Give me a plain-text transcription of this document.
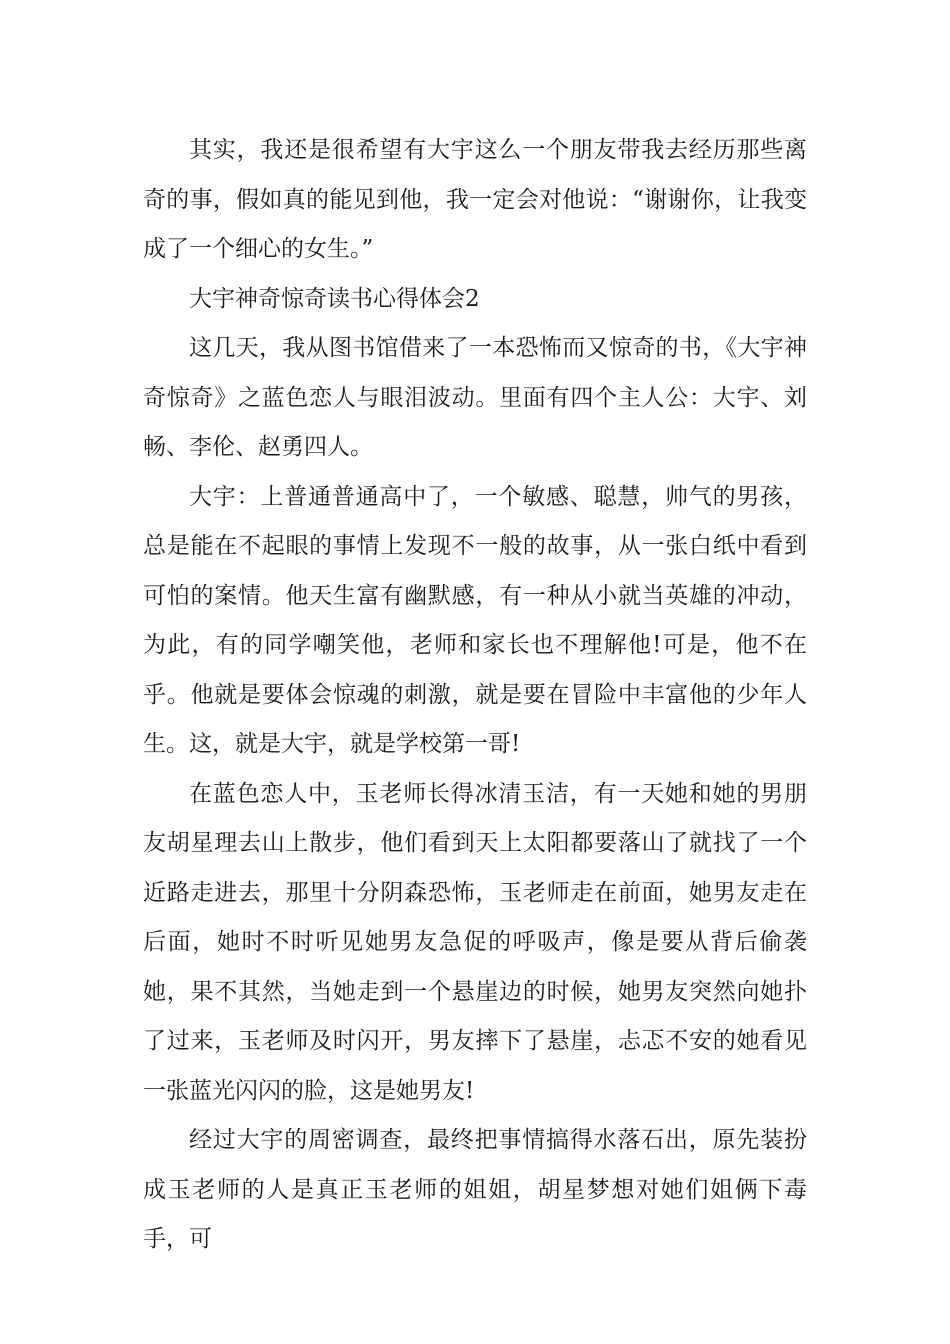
其实，我还是很希望有大宇这么一个朋友带我去经历那些离奇的事，假如真的能见到他，我一定会对他说：“谢谢你，让我变成了一个细心的女生。”

大宇神奇惊奇读书心得体会2

这几天，我从图书馆借来了一本恐怖而又惊奇的书，《大宇神奇惊奇》之蓝色恋人与眼泪波动。里面有四个主人公：大宇、刘畅、李伦、赵勇四人。

大宇：上普通普通高中了，一个敏感、聪慧，帅气的男孩，总是能在不起眼的事情上发现不一般的故事，从一张白纸中看到可怕的案情。他天生富有幽默感，有一种从小就当英雄的冲动，为此，有的同学嘲笑他，老师和家长也不理解他!可是，他不在乎。他就是要体会惊魂的刺激，就是要在冒险中丰富他的少年人生。这，就是大宇，就是学校第一哥!

在蓝色恋人中，玉老师长得冰清玉洁，有一天她和她的男朋友胡星理去山上散步，他们看到天上太阳都要落山了就找了一个近路走进去，那里十分阴森恐怖，玉老师走在前面，她男友走在后面，她时不时听见她男友急促的呼吸声，像是要从背后偷袭她，果不其然，当她走到一个悬崖边的时候，她男友突然向她扑了过来，玉老师及时闪开，男友摔下了悬崖，忐忑不安的她看见一张蓝光闪闪的脸，这是她男友!

经过大宇的周密调查，最终把事情搞得水落石出，原先装扮成玉老师的人是真正玉老师的姐姐，胡星梦想对她们姐俩下毒手，可
